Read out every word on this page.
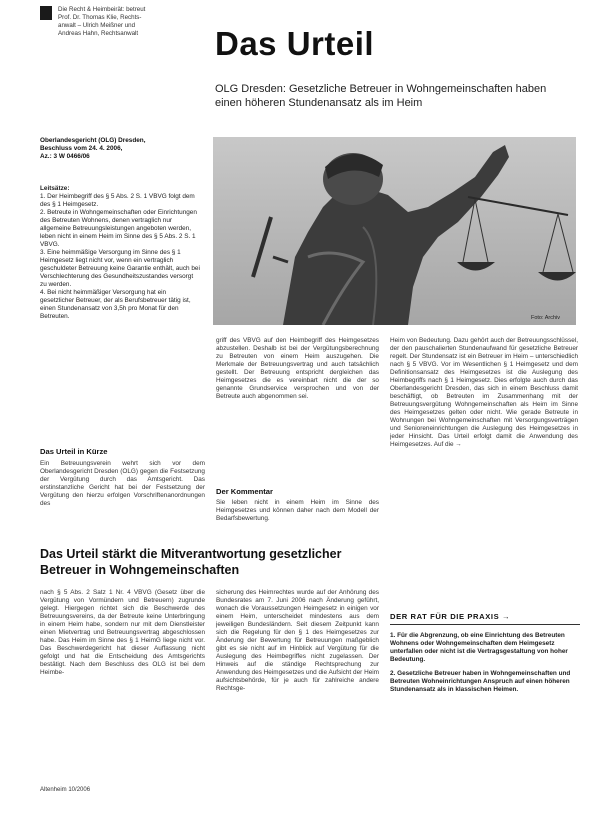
Die Recht & Heimbeirät: betreut
Prof. Dr. Thomas Klie, Rechts-
anwalt – Ulrich Meißner und
Andreas Hahn, Rechtsanwalt	Das Urteil
OLG Dresden: Gesetzliche Betreuer in Wohngemeinschaften haben einen höheren Stundenansatz als im Heim
Oberlandesgericht (OLG) Dresden,
Beschluss vom 24. 4. 2006,
Az.: 3 W 0466/06

Leitsätze:

1. Der Heimbegriff des § 5 Abs. 2 S. 1 VBVG folgt dem des § 1 Heimgesetz.

2. Betreute in Wohngemeinschaften oder Einrichtungen des Betreuten Wohnens, denen vertraglich nur allgemeine Betreuungsleistungen angeboten werden, leben nicht in einem Heim im Sinne des § 5 Abs. 2 S. 1 VBVG.

3. Eine heimmäßige Versorgung im Sinne des § 1 Heimgesetz liegt nicht vor, wenn ein vertraglich geschuldeter Betreuung keine Garantie enthält, auch bei Verschlechterung des Gesundheitszustandes versorgt zu werden.

4. Bei nicht heimmäßiger Versorgung hat ein gesetzlicher Betreuer, der als Berufsbetreuer tätig ist, einen Stundenansatz von 3,5h pro Monat für den Betreuten.

Das Urteil in Kürze

Ein Betreuungsverein wehrt sich vor dem Oberlandesgericht Dresden (OLG) gegen die Festsetzung der Vergütung durch das Amtsgericht. Das erstinstanzliche Gericht hat bei der Festsetzung der Vergütung den hierzu erfolgen Vorschriftenanordnungen des

Foto: Archiv

griff des VBVG auf den Heimbegriff des Heimgesetzes abzustellen. Deshalb ist bei der Vergütungsberechnung zu Betreuten von einem Heim auszugehen. Die Merkmale der Betreuungsvertrag und auch tatsächlich gestellt. Der Betreuung entspricht dergleichen das Heimgesetzes die es vereinbart nicht die der so genannte Grundservice versprochen und von der Betreute auch abgenommen sei.

Der Kommentar

Sie leben nicht in einem Heim im Sinne des Heimgesetzes und können daher nach dem Modell der Bedarfsbewertung.

Heim von Bedeutung. Dazu gehört auch der Betreuungsschlüssel, der den pauschalierten Stundenaufwand für gesetzliche Betreuer regelt. Der Stundensatz ist ein Betreuer im Heim – unterschiedlich nach § 5 VBVG. Vor im Wesentlichen § 1 Heimgesetz und dem Definitionsansatz des Heimgesetzes ist die Auslegung des Heimbegriffs nach § 1 Heimgesetz. Dies erfolgte auch durch das Oberlandesgericht Dresden, das sich in einem Beschluss damit beschäftigt, ob Betreuten im Zusammenhang mit der Betreuungsvergütung Wohngemeinschaften als Heim im Sinne des Heimgesetzes gelten oder nicht. Wie gerade Betreute in Wohnungen bei Wohngemeinschaften mit Versorgungsverträgen und Senioreneinrichtungen die Auslegung des Heimgesetzes in jeder Hinsicht. Das Urteil erfolgt damit die Anwendung des Heimgesetzes. Auf die →

Das Urteil stärkt die Mitverantwortung gesetzlicher Betreuer in Wohngemeinschaften

nach § 5 Abs. 2 Satz 1 Nr. 4 VBVG (Gesetz über die Vergütung von Vormündern und Betreuern) zugrunde gelegt. Hiergegen richtet sich die Beschwerde des Betreuungsvereins, da der Betreute keine Unterbringung in einem Heim habe, sondern nur mit dem Dienstleister einen Mietvertrag und Betreuungsvertrag abgeschlossen habe. Das Heim im Sinne des § 1 HeimG liege nicht vor. Das Beschwerdegericht hat dieser Auffassung nicht gefolgt und hat die Entscheidung des Amtsgerichts bestätigt. Nach dem Beschluss des OLG ist bei dem Heimbe-

sicherung des Heimrechtes wurde auf der Anhörung des Bundesrates am 7. Juni 2006 nach Änderung geführt, wonach die Voraussetzungen Heimgesetz in einigen vor einem Heim, unterscheidet mindestens aus dem jeweiligen Bundesländern. Seit diesem Zeitpunkt kann sich die Regelung für den § 1 des Heimgesetzes zur Änderung der Bewertung für Betreuungen maßgeblich gibt es sie nicht auf im Hinblick auf Vergütung für die Auslegung des Heimbegriffes nicht zugelassen. Der Hinweis auf die ständige Rechtsprechung zur Anwendung des Heimgesetzes und die Aufsicht der Heim aufsichtsbehörde, für je auch für zahlreiche andere Rechtsge-

DER RAT FÜR DIE PRAXIS →

1. Für die Abgrenzung, ob eine Einrichtung des Betreuten Wohnens oder Wohngemeinschaften dem Heimgesetz unterfallen oder nicht ist die Vertragsgestaltung von hoher Bedeutung.

2. Gesetzliche Betreuer haben in Wohngemeinschaften und Betreuten Wohneinrichtungen Anspruch auf einen höheren Stundenansatz als in klassischen Heimen.

Altenheim 10/2006
